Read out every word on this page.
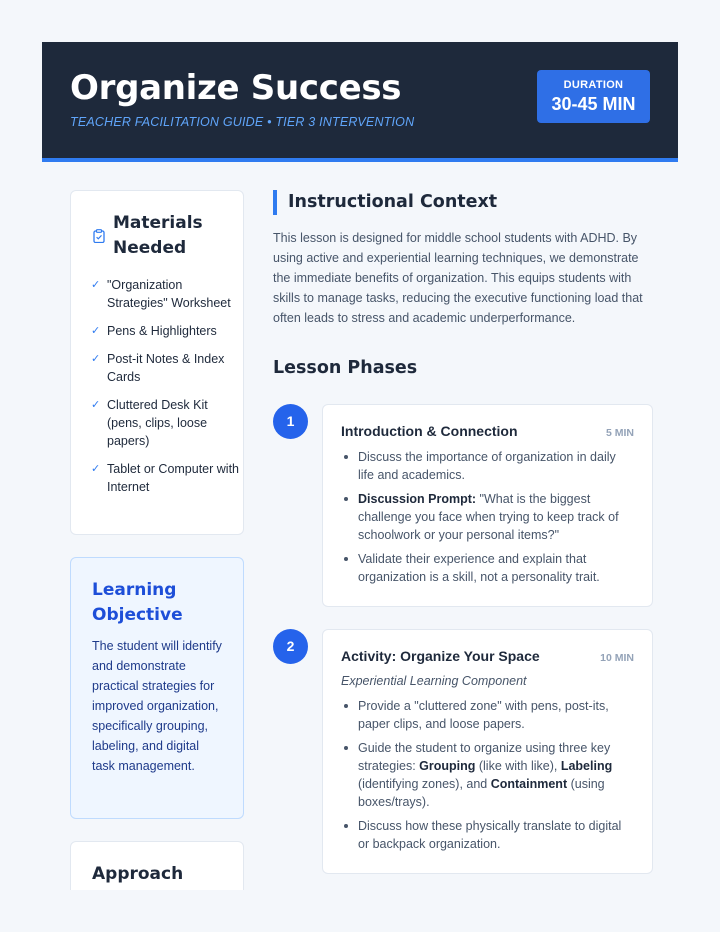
Organize Success
TEACHER FACILITATION GUIDE • TIER 3 INTERVENTION
DURATION
30-45 MIN
Materials
Needed
✓ "Organization Strategies" Worksheet
✓ Pens & Highlighters
✓ Post-it Notes & Index Cards
✓ Cluttered Desk Kit (pens, clips, loose papers)
✓ Tablet or Computer with Internet
Learning
Objective

The student will identify and demonstrate practical strategies for improved organization, specifically grouping, labeling, and digital task management.

Approach
Instructional Context

This lesson is designed for middle school students with ADHD. By using active and experiential learning techniques, we demonstrate the immediate benefits of organization. This equips students with skills to manage tasks, reducing the executive functioning load that often leads to stress and academic underperformance.

Lesson Phases
1
Introduction & Connection	5 MIN
Discuss the importance of organization in daily life and academics.
Discussion Prompt: "What is the biggest challenge you face when trying to keep track of schoolwork or your personal items?"
Validate their experience and explain that organization is a skill, not a personality trait.
2
Activity: Organize Your Space	10 MIN
Experiential Learning Component
Provide a "cluttered zone" with pens, post-its, paper clips, and loose papers.
Guide the student to organize using three key strategies: Grouping (like with like), Labeling (identifying zones), and Containment (using boxes/trays).
Discuss how these physically translate to digital or backpack organization.
